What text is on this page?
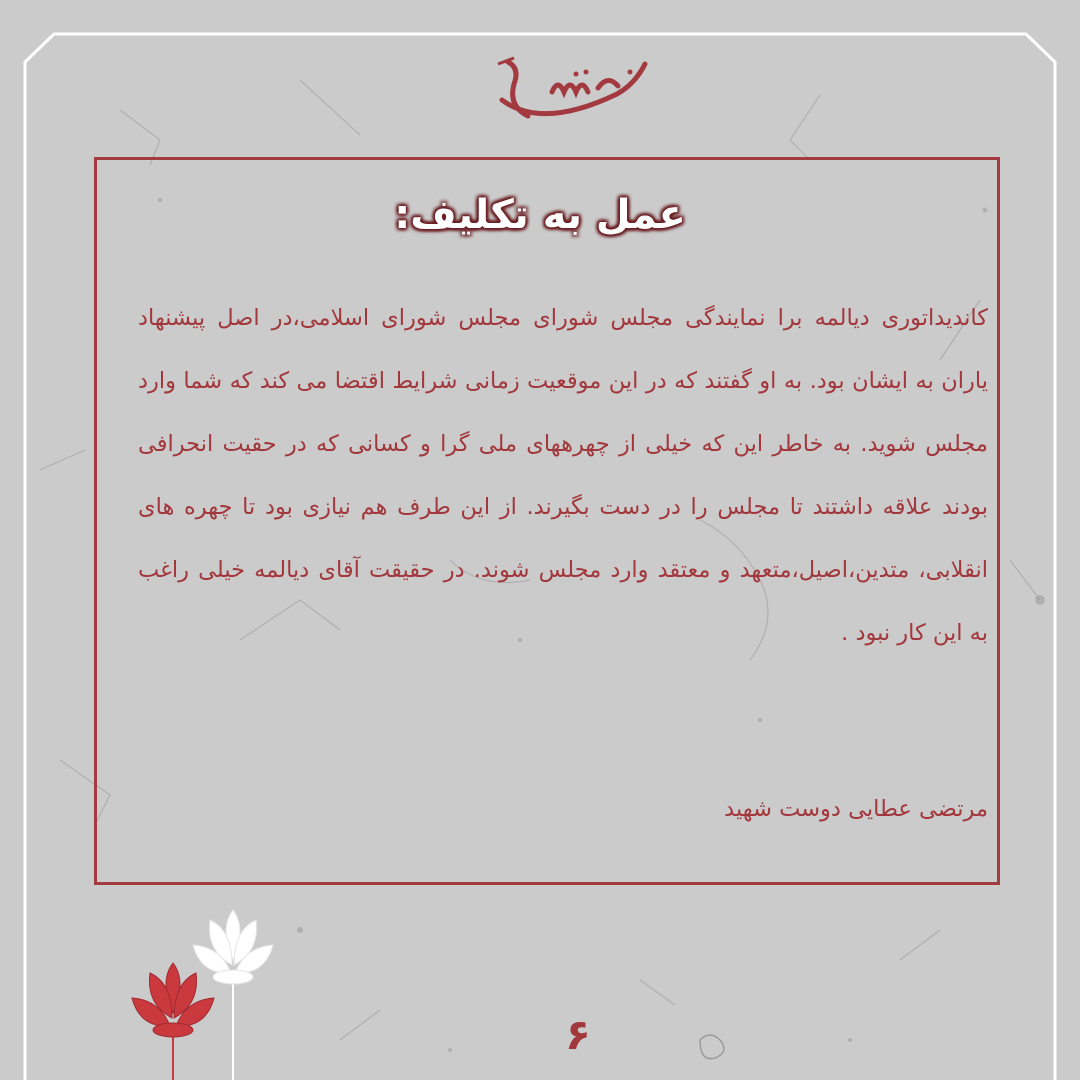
عمل به تکلیف:
کاندیداتوری دیالمه برا نمایندگی مجلس شورای مجلس شورای اسلامی،در اصل پیشنهاد یاران به ایشان بود. به او گفتند که در این موقعیت زمانی شرایط اقتضا می کند که شما وارد مجلس شوید. به خاطر این که خیلی از چهرههای ملی گرا و کسانی که در حقیت انحرافی بودند علاقه داشتند تا مجلس را در دست بگیرند. از این طرف هم نیازی بود تا چهره های انقلابی، متدین،اصیل،متعهد و معتقد وارد مجلس شوند. در حقیقت آقای دیالمه خیلی راغب به این کار نبود .
مرتضی عطایی دوست شهید
۶
